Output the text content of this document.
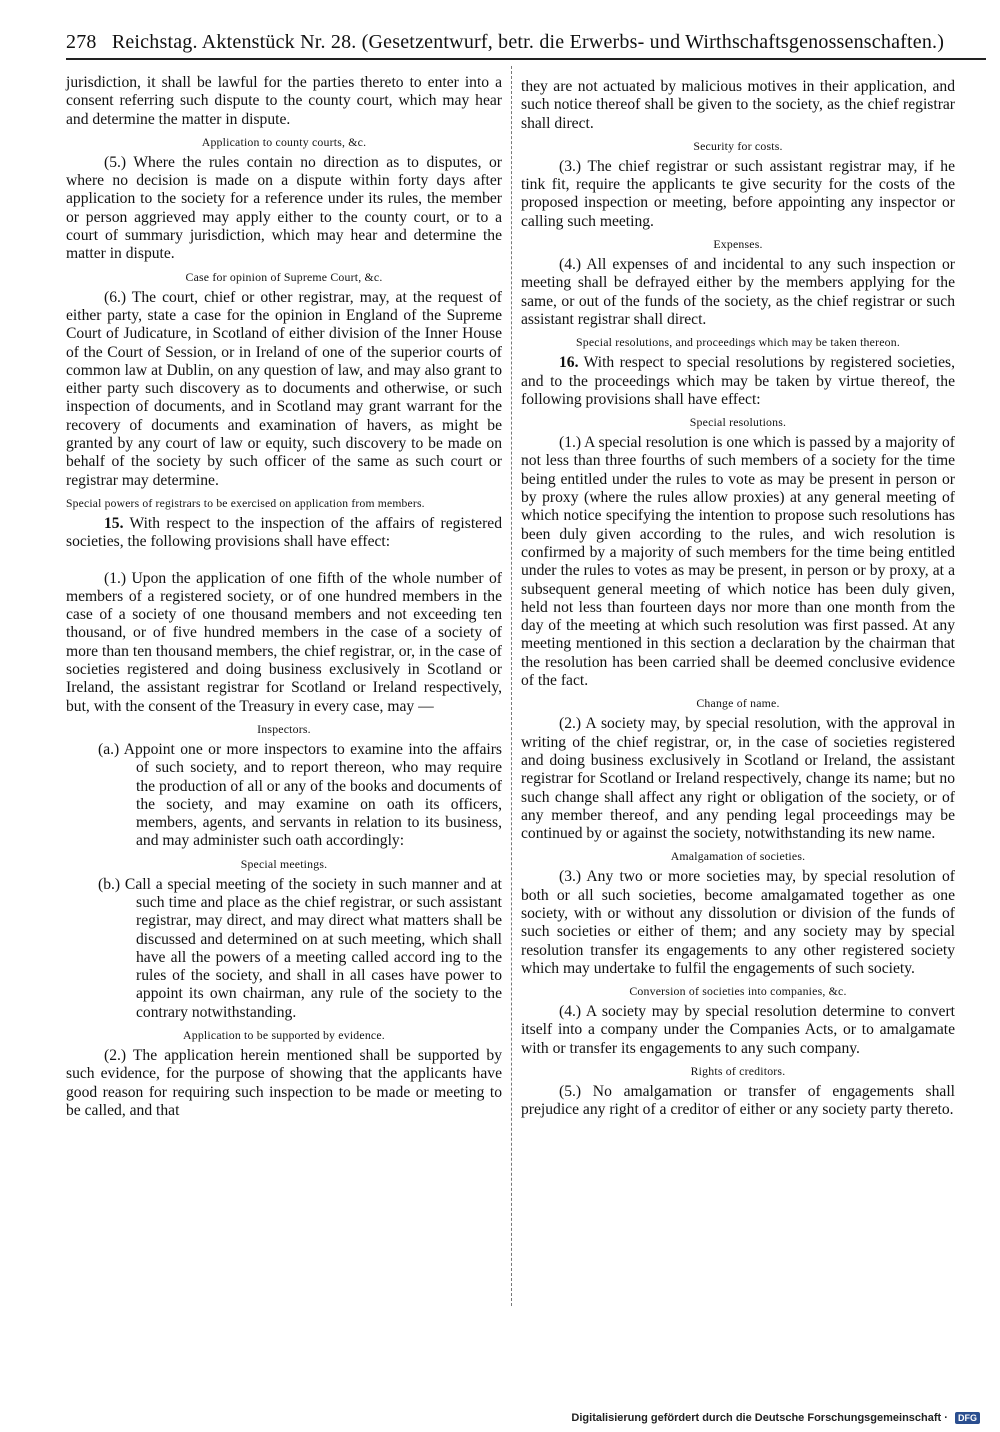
278 Reichstag. Aktenstück Nr. 28. (Gesetzentwurf, betr. die Erwerbs- und Wirthschaftsgenossenschaften.)

jurisdiction, it shall be lawful for the parties thereto to enter into a consent referring such dispute to the county court, which may hear and determine the matter in dispute.

Application to county courts, &c.

(5.) Where the rules contain no direction as to disputes, or where no decision is made on a dispute within forty days after application to the society for a reference under its rules, the member or person aggrieved may apply either to the county court, or to a court of summary jurisdiction, which may hear and determine the matter in dispute.

Case for opinion of Supreme Court, &c.

(6.) The court, chief or other registrar, may, at the request of either party, state a case for the opinion in England of the Supreme Court of Judicature, in Scotland of either division of the Inner House of the Court of Session, or in Ireland of one of the superior courts of common law at Dublin, on any question of law, and may also grant to either party such discovery as to documents and otherwise, or such inspection of documents, and in Scotland may grant warrant for the recovery of documents and examination of havers, as might be granted by any court of law or equity, such discovery to be made on behalf of the society by such officer of the same as such court or registrar may determine.

Special powers of registrars to be exercised on application from members.

15. With respect to the inspection of the affairs of registered societies, the following provisions shall have effect:

(1.) Upon the application of one fifth of the whole number of members of a registered society, or of one hundred members in the case of a society of one thousand members and not exceeding ten thousand, or of five hundred members in the case of a society of more than ten thousand members, the chief registrar, or, in the case of societies registered and doing business exclusively in Scotland or Ireland, the assistant registrar for Scotland or Ireland respectively, but, with the consent of the Treasury in every case, may —

Inspectors.

(a.) Appoint one or more inspectors to examine into the affairs of such society, and to report thereon, who may require the production of all or any of the books and documents of the society, and may examine on oath its officers, members, agents, and servants in relation to its business, and may administer such oath accordingly:

Special meetings.

(b.) Call a special meeting of the society in such manner and at such time and place as the chief registrar, or such assistant registrar, may direct, and may direct what matters shall be discussed and determined on at such meeting, which shall have all the powers of a meeting called accord ing to the rules of the society, and shall in all cases have power to appoint its own chairman, any rule of the society to the contrary notwithstanding.

Application to be supported by evidence.

(2.) The application herein mentioned shall be supported by such evidence, for the purpose of showing that the applicants have good reason for requiring such inspection to be made or meeting to be called, and that

they are not actuated by malicious motives in their application, and such notice thereof shall be given to the society, as the chief registrar shall direct.

Security for costs.

(3.) The chief registrar or such assistant registrar may, if he tink fit, require the applicants te give security for the costs of the proposed inspection or meeting, before appointing any inspector or calling such meeting.

Expenses.

(4.) All expenses of and incidental to any such inspection or meeting shall be defrayed either by the members applying for the same, or out of the funds of the society, as the chief registrar or such assistant registrar shall direct.

Special resolutions, and proceedings which may be taken thereon.

16. With respect to special resolutions by registered societies, and to the proceedings which may be taken by virtue thereof, the following provisions shall have effect:

Special resolutions.

(1.) A special resolution is one which is passed by a majority of not less than three fourths of such members of a society for the time being entitled under the rules to vote as may be present in person or by proxy (where the rules allow proxies) at any general meeting of which notice specifying the intention to propose such resolutions has been duly given according to the rules, and wich resolution is confirmed by a majority of such members for the time being entitled under the rules to votes as may be present, in person or by proxy, at a subsequent general meeting of which notice has been duly given, held not less than fourteen days nor more than one month from the day of the meeting at which such resolution was first passed. At any meeting mentioned in this section a declaration by the chairman that the resolution has been carried shall be deemed conclusive evidence of the fact.

Change of name.

(2.) A society may, by special resolution, with the approval in writing of the chief registrar, or, in the case of societies registered and doing business exclusively in Scotland or Ireland, the assistant registrar for Scotland or Ireland respectively, change its name; but no such change shall affect any right or obligation of the society, or of any member thereof, and any pending legal proceedings may be continued by or against the society, notwithstanding its new name.

Amalgamation of societies.

(3.) Any two or more societies may, by special resolution of both or all such societies, become amalgamated together as one society, with or without any dissolution or division of the funds of such societies or either of them; and any society may by special resolution transfer its engagements to any other registered society which may undertake to fulfil the engagements of such society.

Conversion of societies into companies, &c.

(4.) A society may by special resolution determine to convert itself into a company under the Companies Acts, or to amalgamate with or transfer its engagements to any such company.

Rights of creditors.

(5.) No amalgamation or transfer of engagements shall prejudice any right of a creditor of either or any society party thereto.

Digitalisierung gefördert durch die Deutsche Forschungsgemeinschaft · DFG
